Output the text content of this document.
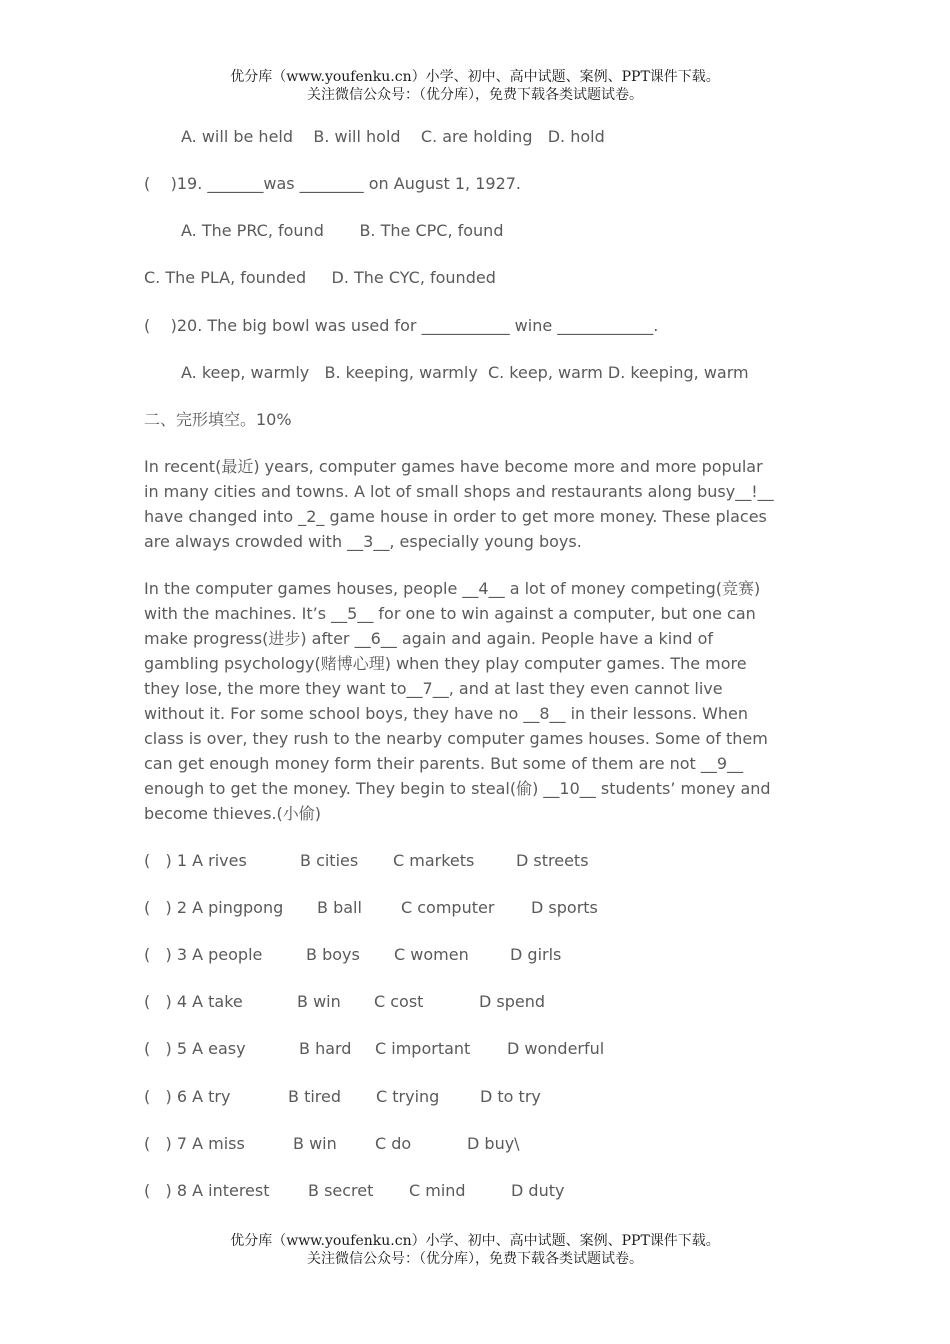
优分库（www.youfenku.cn）小学、初中、高中试题、案例、PPT课件下载。
关注微信公众号：（优分库），免费下载各类试题试卷。
A. will be held    B. will hold    C. are holding   D. hold
(    )19. _______was ________ on August 1, 1927.
A. The PRC, found       B. The CPC, found
C. The PLA, founded     D. The CYC, founded
(    )20. The big bowl was used for ___________ wine ____________.
A. keep, warmly   B. keeping, warmly  C. keep, warm D. keeping, warm
二、完形填空。10%
In recent(最近) years, computer games have become more and more popular
in many cities and towns. A lot of small shops and restaurants along busy__!__
have changed into _2_ game house in order to get more money. These places
are always crowded with __3__, especially young boys.
In the computer games houses, people __4__ a lot of money competing(竞赛)
with the machines. It’s __5__ for one to win against a computer, but one can
make progress(进步) after __6__ again and again. People have a kind of
gambling psychology(赌博心理) when they play computer games. The more
they lose, the more they want to__7__, and at last they even cannot live
without it. For some school boys, they have no __8__ in their lessons. When
class is over, they rush to the nearby computer games houses. Some of them
can get enough money form their parents. But some of them are not __9__
enough to get the money. They begin to steal(偷) __10__ students’ money and
become thieves.(小偷)

(   ) 1 A rives

	B cities

C markets

	D streets

(   ) 2 A pingpong

B ball

C computer

D sports

(   ) 3 A people

	B boys

C women

	D girls

(   ) 4 A take

	B win

C cost

	D spend

(   ) 5 A easy

	B hard

C important

D wonderful

(   ) 6 A try

	B tired

C trying

	D to try

(   ) 7 A miss

	B win

C do

	D buy\

(   ) 8 A interest

B secret

C mind

	D duty

优分库（www.youfenku.cn）小学、初中、高中试题、案例、PPT课件下载。
关注微信公众号：（优分库），免费下载各类试题试卷。
